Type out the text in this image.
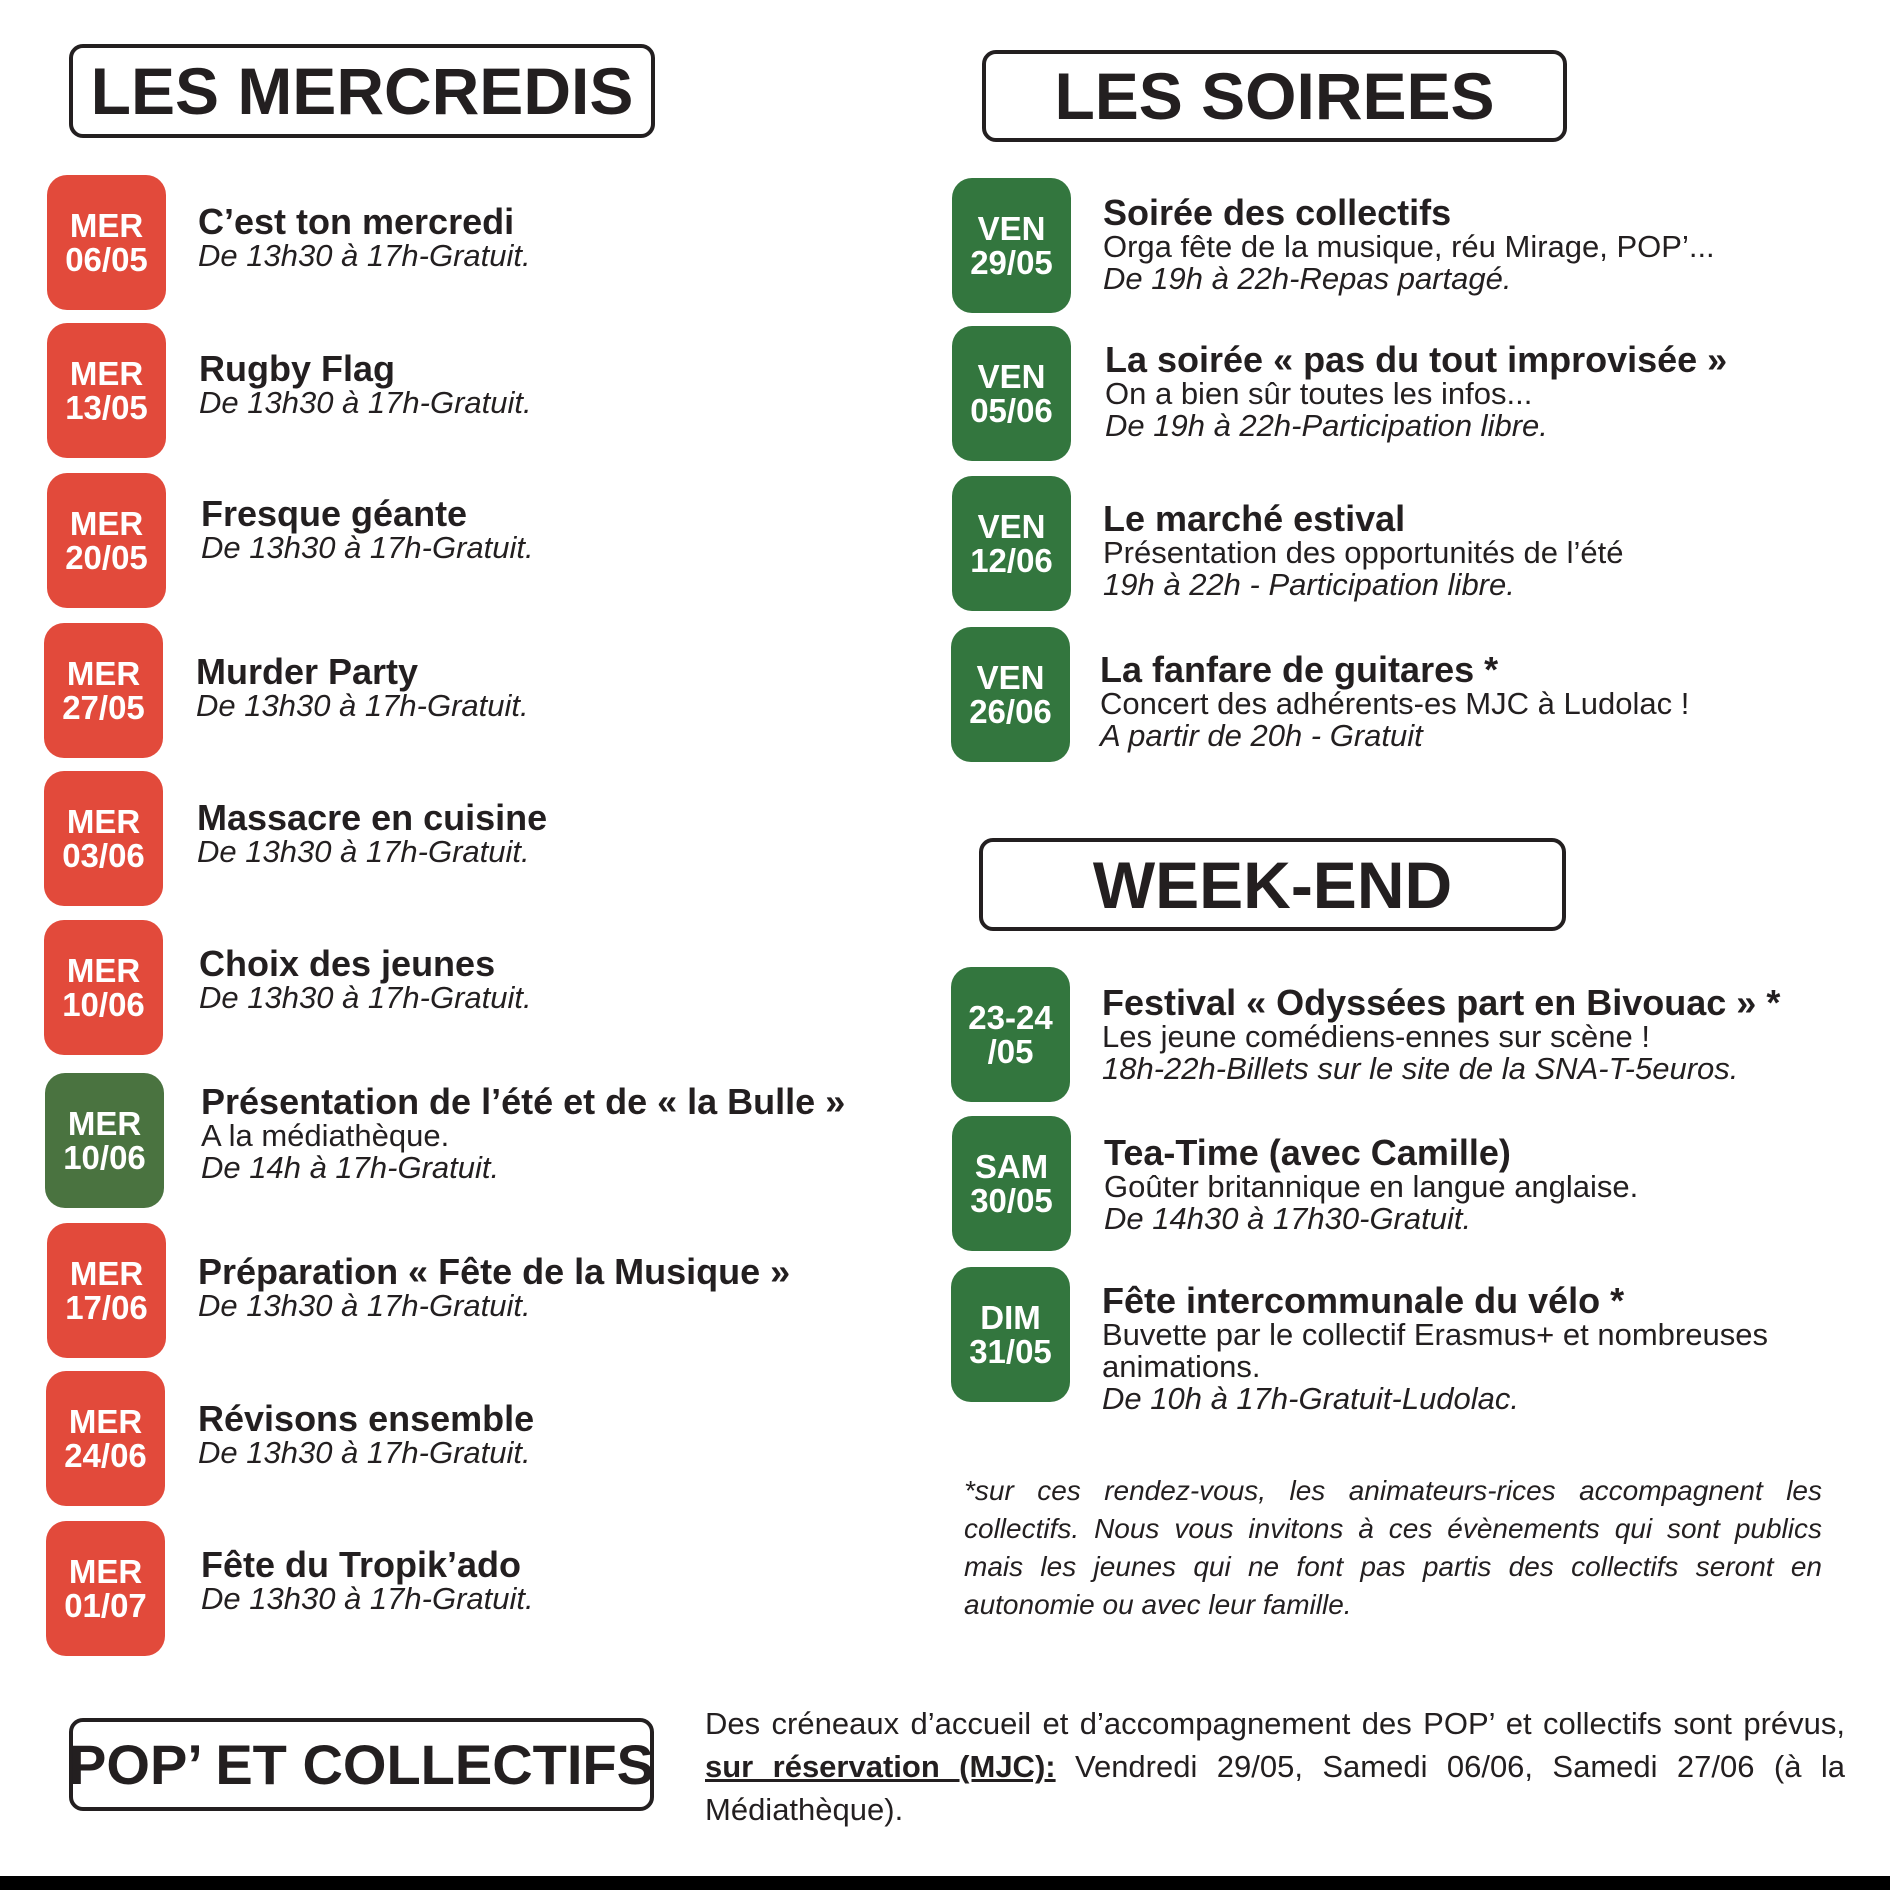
LES MERCREDIS	LES SOIREES
WEEK-END
POP’ ET COLLECTIFS
MER
06/05
C’est ton mercredi
De 13h30 à 17h-Gratuit.
MER
13/05
Rugby Flag
De 13h30 à 17h-Gratuit.
MER
20/05
Fresque géante
De 13h30 à 17h-Gratuit.
MER
27/05
Murder Party
De 13h30 à 17h-Gratuit.
MER
03/06
Massacre en cuisine
De 13h30 à 17h-Gratuit.
MER
10/06
Choix des jeunes
De 13h30 à 17h-Gratuit.
MER
10/06
Présentation de l’été et de « la Bulle »
A la médiathèque.
De 14h à 17h-Gratuit.
MER
17/06
Préparation « Fête de la Musique »
De 13h30 à 17h-Gratuit.
MER
24/06
Révisons ensemble
De 13h30 à 17h-Gratuit.
MER
01/07
Fête du Tropik’ado
De 13h30 à 17h-Gratuit.
VEN
29/05
Soirée des collectifs
Orga fête de la musique, réu Mirage, POP’...
De 19h à 22h-Repas partagé.
VEN
05/06
La soirée « pas du tout improvisée »
On a bien sûr toutes les infos...
De 19h à 22h-Participation libre.
VEN
12/06
Le marché estival
Présentation des opportunités de l’été
19h à 22h - Participation libre.
VEN
26/06
La fanfare de guitares *
Concert des adhérents-es MJC à Ludolac !
A partir de 20h - Gratuit
23-24
/05
Festival « Odyssées part en Bivouac » *
Les jeune comédiens-ennes sur scène !
18h-22h-Billets sur le site de la SNA-T-5euros.
SAM
30/05
Tea-Time (avec Camille)
Goûter britannique en langue anglaise.
De 14h30 à 17h30-Gratuit.
DIM
31/05
Fête intercommunale du vélo *
Buvette par le collectif Erasmus+ et nombreuses
animations.
De 10h à 17h-Gratuit-Ludolac.
*sur ces rendez-vous, les animateurs-rices accompagnent les collectifs. Nous vous invitons à ces évènements qui sont publics mais les jeunes qui ne font pas partis des collectifs seront en autonomie ou avec leur famille.
Des créneaux d’accueil et d’accompagnement des POP’ et collectifs sont prévus, sur réservation (MJC): Vendredi 29/05, Samedi 06/06, Samedi 27/06 (à la Médiathèque).
